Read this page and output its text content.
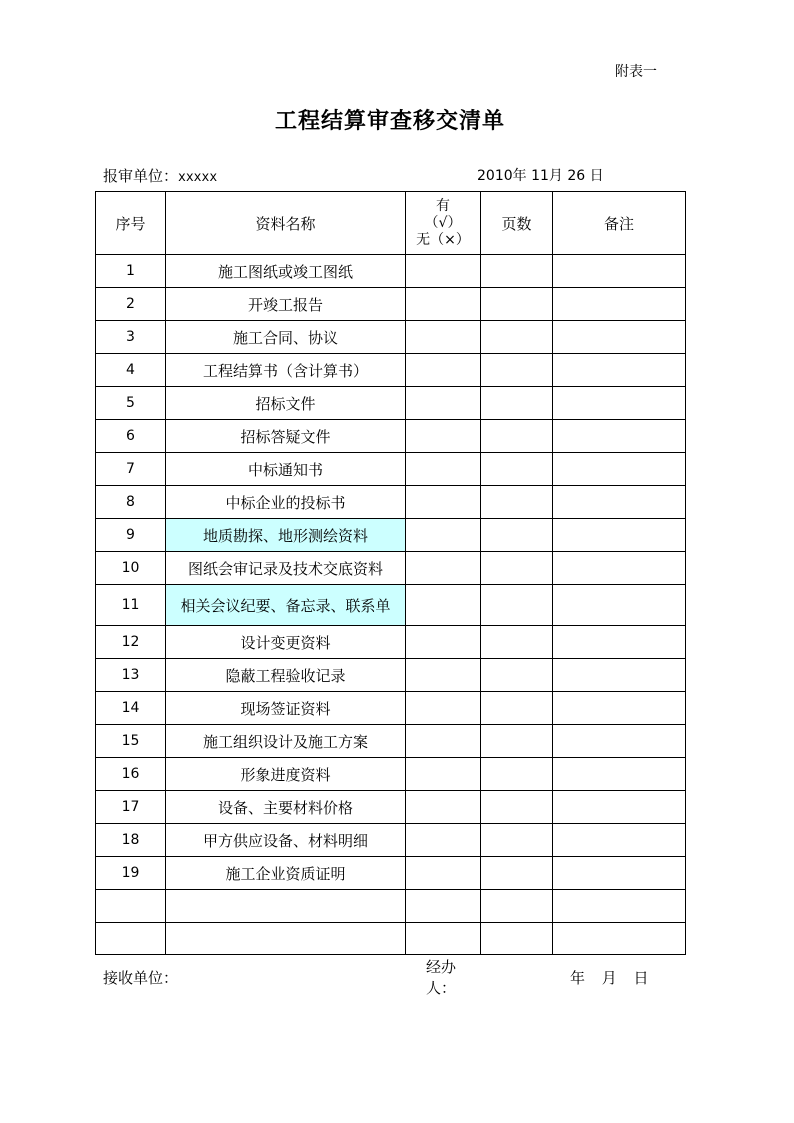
附表一
工程结算审查移交清单
报审单位：xxxxx	2010年 11月 26 日
序号	资料名称	有
（√）
无（×）	页数	备注
1	施工图纸或竣工图纸			
2	开竣工报告			
3	施工合同、协议			
4	工程结算书（含计算书）			
5	招标文件			
6	招标答疑文件			
7	中标通知书			
8	中标企业的投标书			
9	地质勘探、地形测绘资料			
10	图纸会审记录及技术交底资料			
11	相关会议纪要、备忘录、联系单			
12	设计变更资料			
13	隐蔽工程验收记录			
14	现场签证资料			
15	施工组织设计及施工方案			
16	形象进度资料			
17	设备、主要材料价格			
18	甲方供应设备、材料明细			
19	施工企业资质证明			

接收单位：
经办
人：
年 月 日
